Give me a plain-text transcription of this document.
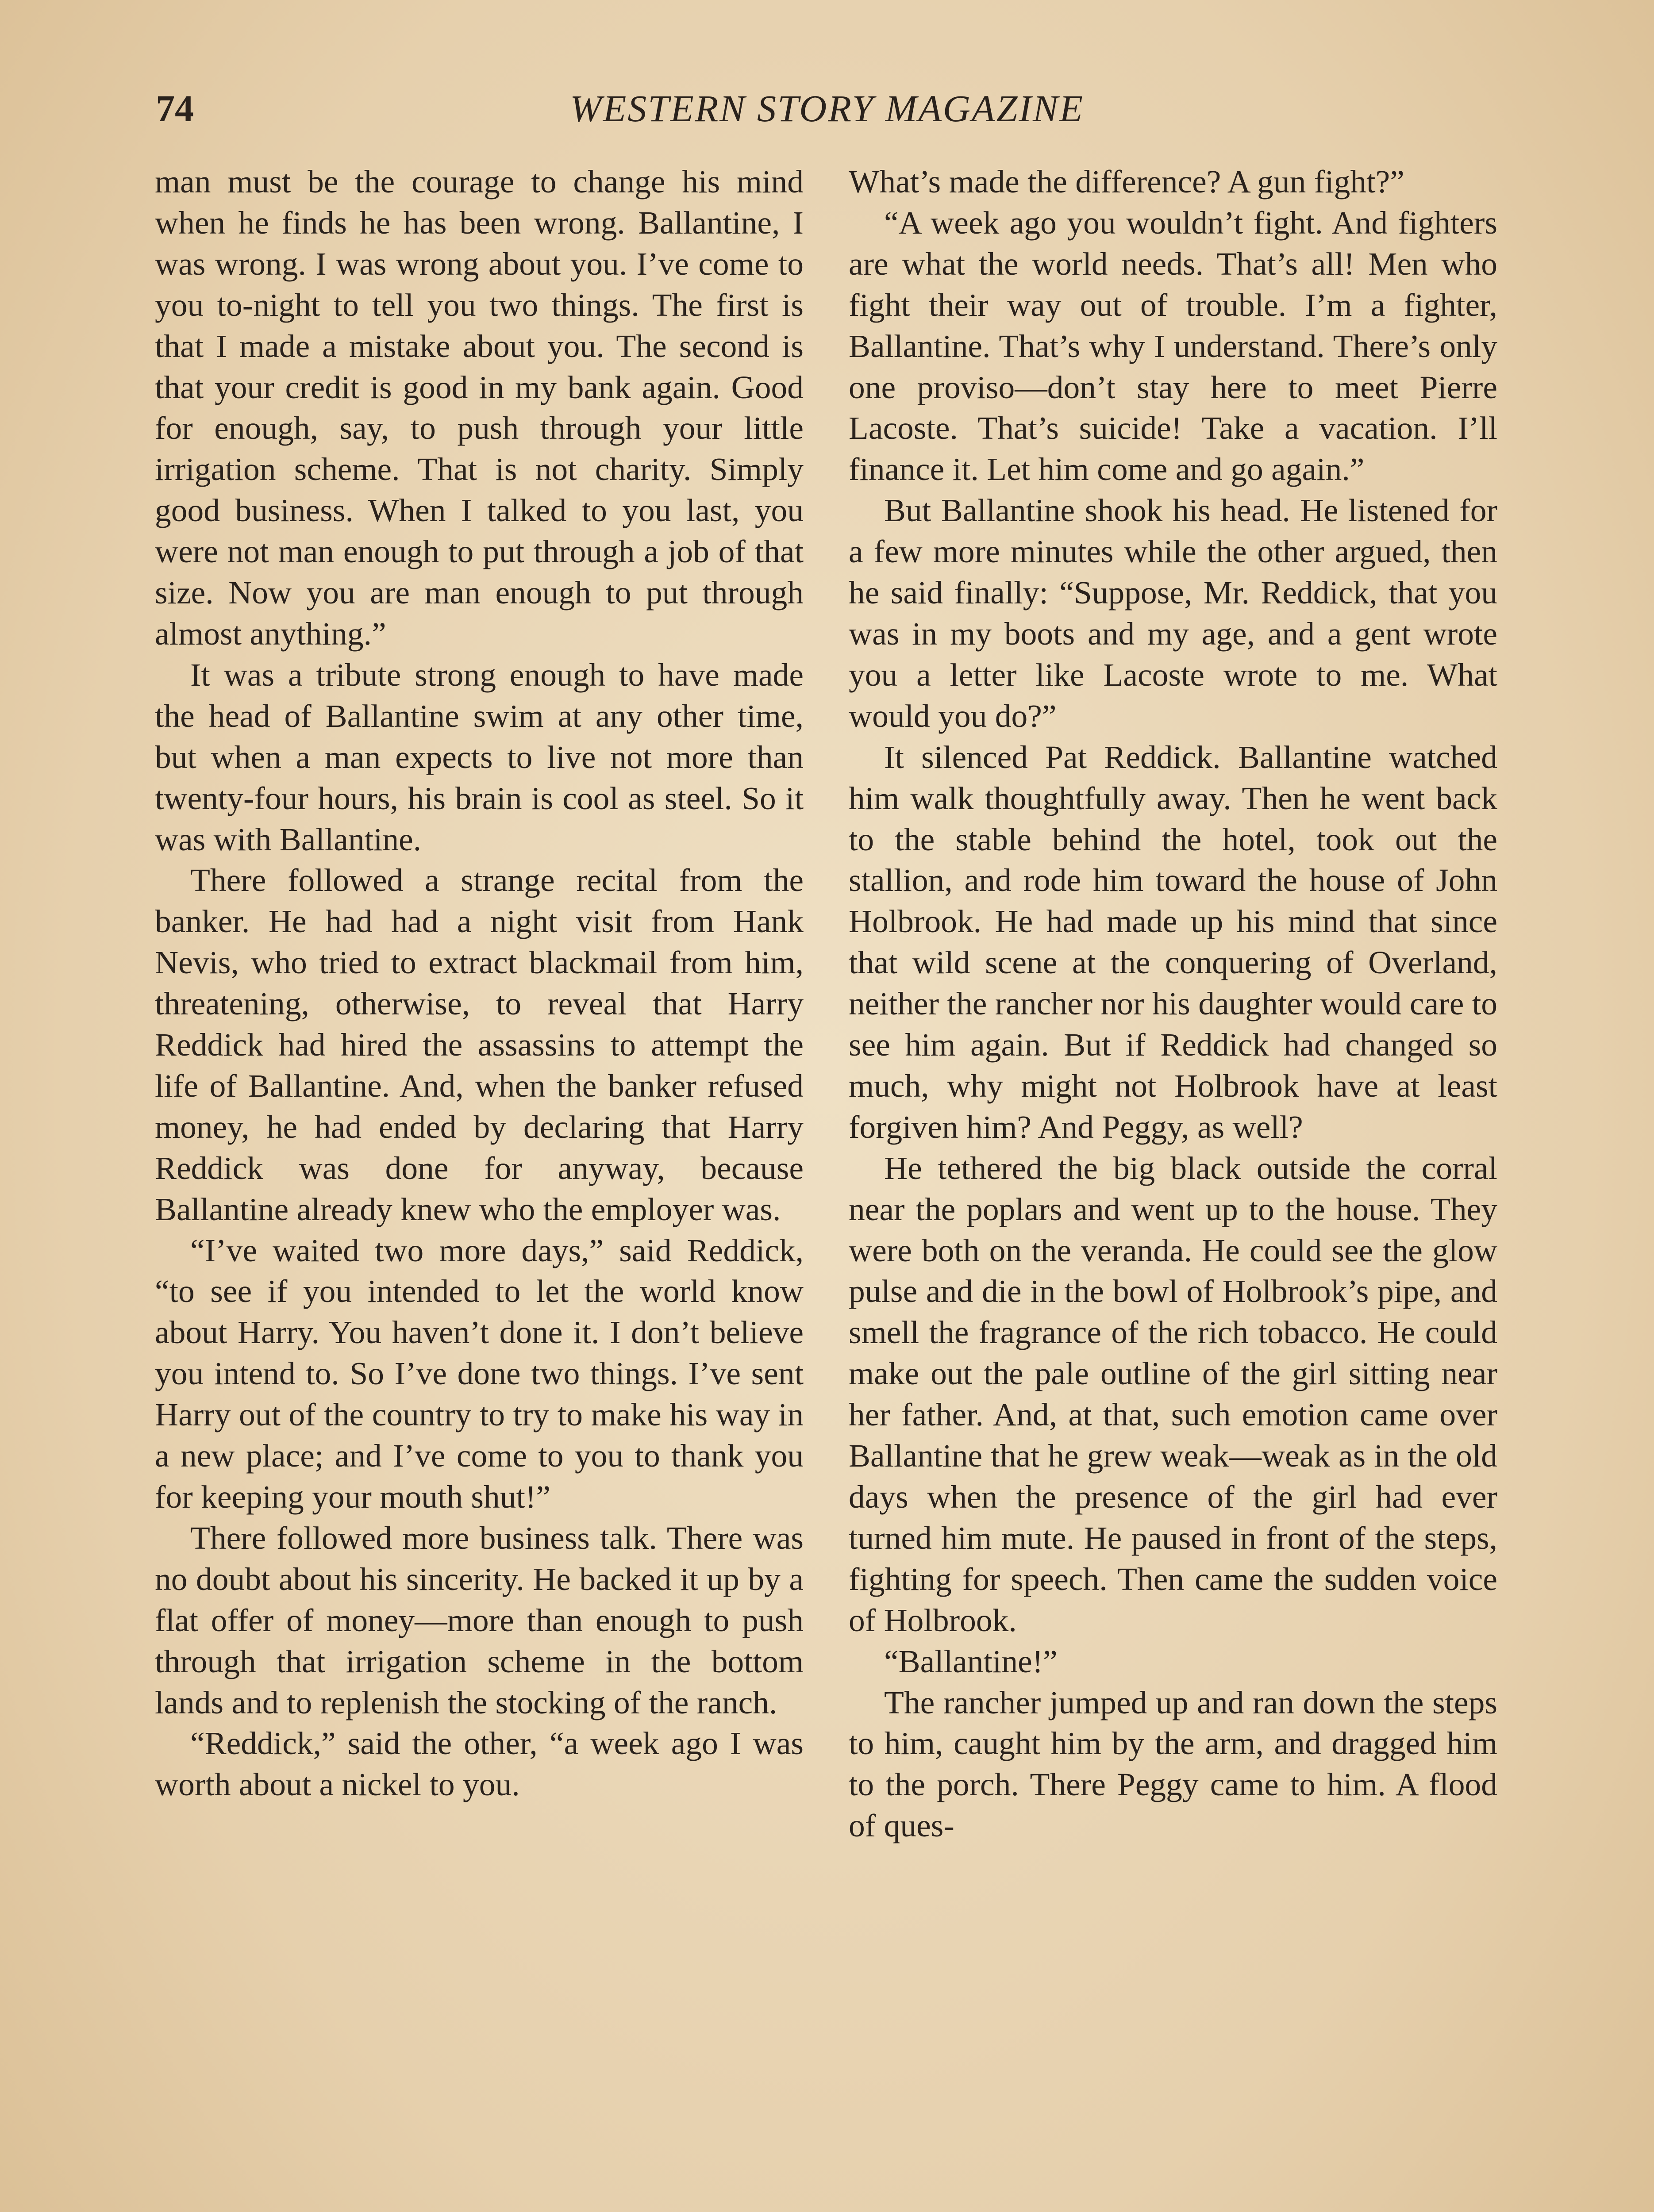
74	WESTERN STORY MAGAZINE

man must be the courage to change his mind when he finds he has been wrong. Ballantine, I was wrong. I was wrong about you. I’ve come to you to-night to tell you two things. The first is that I made a mistake about you. The second is that your credit is good in my bank again. Good for enough, say, to push through your little irrigation scheme. That is not charity. Simply good business. When I talked to you last, you were not man enough to put through a job of that size. Now you are man enough to put through almost anything.”

It was a tribute strong enough to have made the head of Ballantine swim at any other time, but when a man expects to live not more than twenty-four hours, his brain is cool as steel. So it was with Ballantine.

There followed a strange recital from the banker. He had had a night visit from Hank Nevis, who tried to extract blackmail from him, threatening, otherwise, to reveal that Harry Reddick had hired the assassins to attempt the life of Ballantine. And, when the banker refused money, he had ended by declaring that Harry Reddick was done for anyway, because Ballantine already knew who the employer was.

“I’ve waited two more days,” said Reddick, “to see if you intended to let the world know about Harry. You haven’t done it. I don’t believe you intend to. So I’ve done two things. I’ve sent Harry out of the country to try to make his way in a new place; and I’ve come to you to thank you for keeping your mouth shut!”

There followed more business talk. There was no doubt about his sincerity. He backed it up by a flat offer of money—more than enough to push through that irrigation scheme in the bottom lands and to replenish the stocking of the ranch.

“Reddick,” said the other, “a week ago I was worth about a nickel to you.

What’s made the difference? A gun fight?”

“A week ago you wouldn’t fight. And fighters are what the world needs. That’s all! Men who fight their way out of trouble. I’m a fighter, Ballantine. That’s why I understand. There’s only one proviso—don’t stay here to meet Pierre Lacoste. That’s suicide! Take a vacation. I’ll finance it. Let him come and go again.”

But Ballantine shook his head. He listened for a few more minutes while the other argued, then he said finally: “Suppose, Mr. Reddick, that you was in my boots and my age, and a gent wrote you a letter like Lacoste wrote to me. What would you do?”

It silenced Pat Reddick. Ballantine watched him walk thoughtfully away. Then he went back to the stable behind the hotel, took out the stallion, and rode him toward the house of John Holbrook. He had made up his mind that since that wild scene at the conquering of Overland, neither the rancher nor his daughter would care to see him again. But if Reddick had changed so much, why might not Holbrook have at least forgiven him? And Peggy, as well?

He tethered the big black outside the corral near the poplars and went up to the house. They were both on the veranda. He could see the glow pulse and die in the bowl of Holbrook’s pipe, and smell the fragrance of the rich tobacco. He could make out the pale outline of the girl sitting near her father. And, at that, such emotion came over Ballantine that he grew weak—weak as in the old days when the presence of the girl had ever turned him mute. He paused in front of the steps, fighting for speech. Then came the sudden voice of Holbrook.

“Ballantine!”

The rancher jumped up and ran down the steps to him, caught him by the arm, and dragged him to the porch. There Peggy came to him. A flood of ques-
